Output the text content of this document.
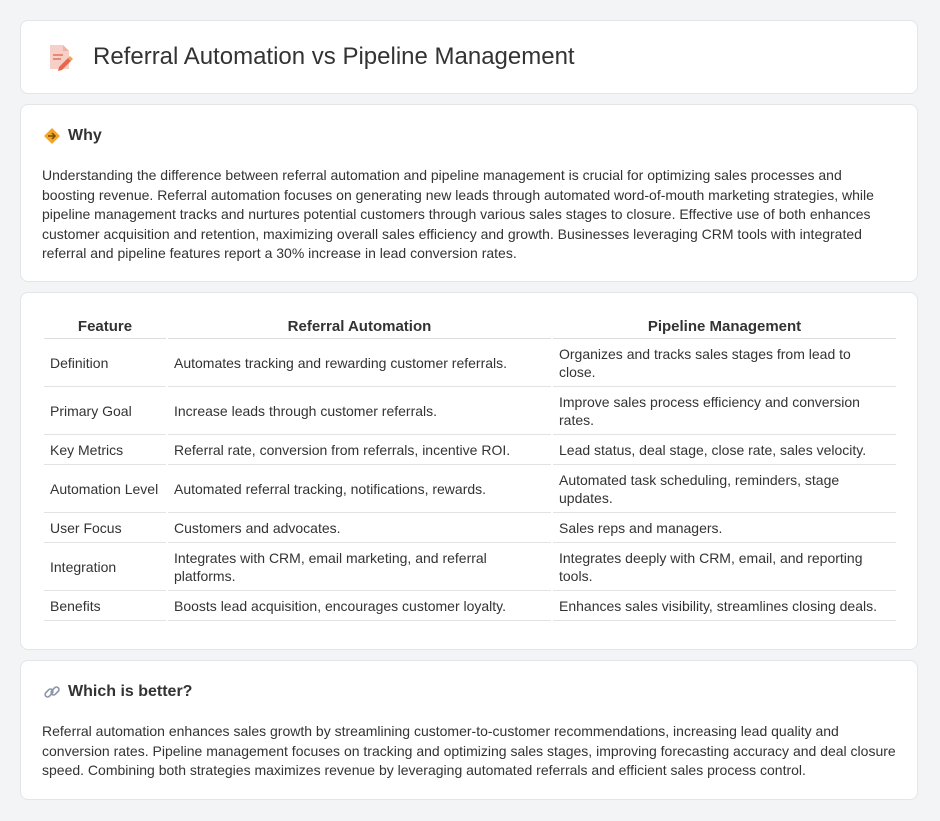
Referral Automation vs Pipeline Management
Why

Understanding the difference between referral automation and pipeline management is crucial for optimizing sales processes and boosting revenue. Referral automation focuses on generating new leads through automated word-of-mouth marketing strategies, while pipeline management tracks and nurtures potential customers through various sales stages to closure. Effective use of both enhances customer acquisition and retention, maximizing overall sales efficiency and growth. Businesses leveraging CRM tools with integrated referral and pipeline features report a 30% increase in lead conversion rates.

Feature	Referral Automation	Pipeline Management
Definition	Automates tracking and rewarding customer referrals.	Organizes and tracks sales stages from lead to close.
Primary Goal	Increase leads through customer referrals.	Improve sales process efficiency and conversion rates.
Key Metrics	Referral rate, conversion from referrals, incentive ROI.	Lead status, deal stage, close rate, sales velocity.
Automation Level	Automated referral tracking, notifications, rewards.	Automated task scheduling, reminders, stage updates.
User Focus	Customers and advocates.	Sales reps and managers.
Integration	Integrates with CRM, email marketing, and referral platforms.	Integrates deeply with CRM, email, and reporting tools.
Benefits	Boosts lead acquisition, encourages customer loyalty.	Enhances sales visibility, streamlines closing deals.
Which is better?

Referral automation enhances sales growth by streamlining customer-to-customer recommendations, increasing lead quality and conversion rates. Pipeline management focuses on tracking and optimizing sales stages, improving forecasting accuracy and deal closure speed. Combining both strategies maximizes revenue by leveraging automated referrals and efficient sales process control.
